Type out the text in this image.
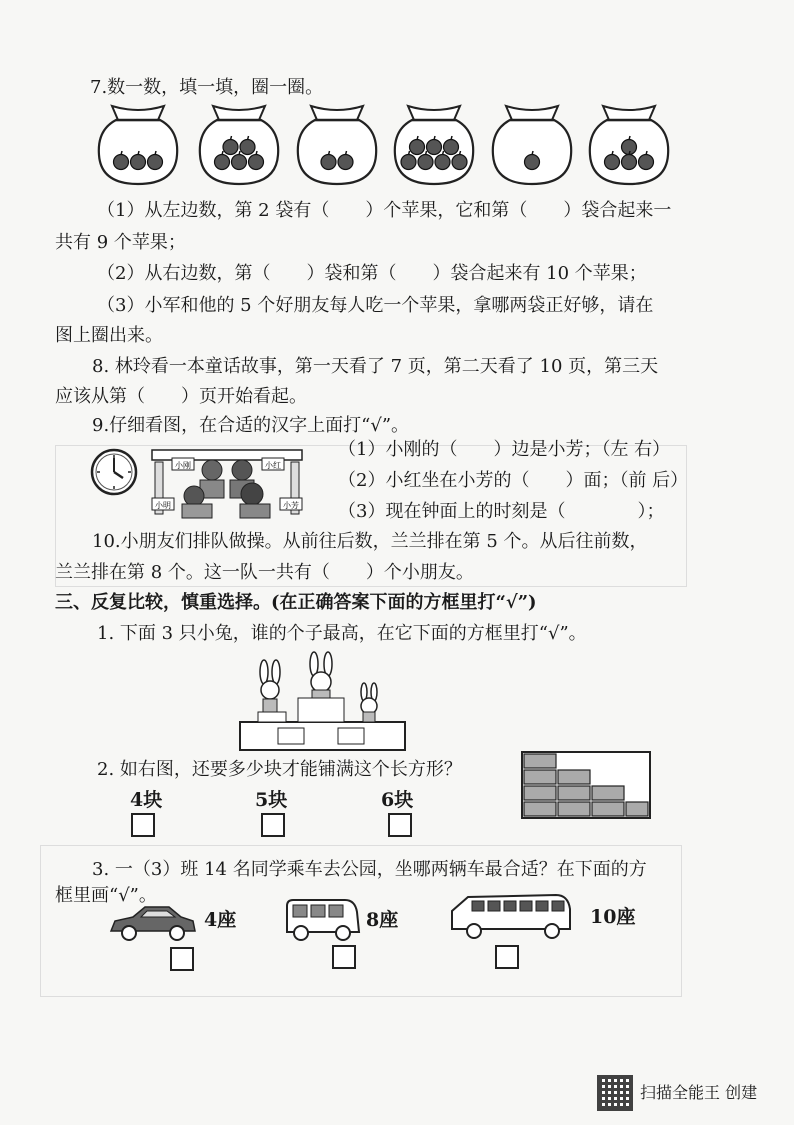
7.数一数，填一填，圈一圈。
（1）从左边数，第 2 袋有（　　）个苹果，它和第（　　）袋合起来一
共有 9 个苹果；
（2）从右边数，第（　　）袋和第（　　）袋合起来有 10 个苹果；
（3）小军和他的 5 个好朋友每人吃一个苹果，拿哪两袋正好够，请在
图上圈出来。
8. 林玲看一本童话故事，第一天看了 7 页，第二天看了 10 页，第三天
应该从第（　　）页开始看起。
9.仔细看图，在合适的汉字上面打“√”。
小刚	小红
小明	小芳
（1）小刚的（　　）边是小芳；（左 右）
（2）小红坐在小芳的（　　）面；（前 后）
（3）现在钟面上的时刻是（　　　　）；
10.小朋友们排队做操。从前往后数，兰兰排在第 5 个。从后往前数，
兰兰排在第 8 个。这一队一共有（　　）个小朋友。
三、反复比较，慎重选择。(在正确答案下面的方框里打“√”)
1. 下面 3 只小兔，谁的个子最高，在它下面的方框里打“√”。
2. 如右图，还要多少块才能铺满这个长方形？
4块	5块	6块
3. 一（3）班 14 名同学乘车去公园，坐哪两辆车最合适？在下面的方
框里画“√”。
4座	8座	10座
扫描全能王 创建
